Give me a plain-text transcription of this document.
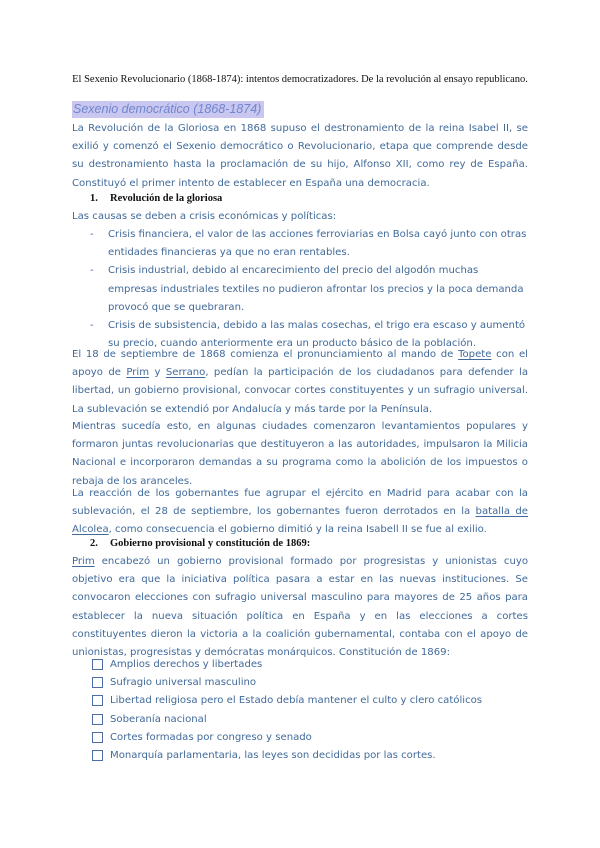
El Sexenio Revolucionario (1868-1874): intentos democratizadores. De la revolución al ensayo republicano.
Sexenio democrático (1868-1874)
La Revolución de la Gloriosa en 1868 supuso el destronamiento de la reina Isabel II, se exilió y comenzó el Sexenio democrático o Revolucionario, etapa que comprende desde su destronamiento hasta la proclamación de su hijo, Alfonso XII, como rey de España. Constituyó el primer intento de establecer en España una democracia.
1. Revolución de la gloriosa
Las causas se deben a crisis económicas y políticas:
- Crisis financiera, el valor de las acciones ferroviarias en Bolsa cayó junto con otras entidades financieras ya que no eran rentables.
- Crisis industrial, debido al encarecimiento del precio del algodón muchas empresas industriales textiles no pudieron afrontar los precios y la poca demanda provocó que se quebraran.
- Crisis de subsistencia, debido a las malas cosechas, el trigo era escaso y aumentó su precio, cuando anteriormente era un producto básico de la población.
El 18 de septiembre de 1868 comienza el pronunciamiento al mando de Topete con el apoyo de Prim y Serrano, pedían la participación de los ciudadanos para defender la libertad, un gobierno provisional, convocar cortes constituyentes y un sufragio universal. La sublevación se extendió por Andalucía y más tarde por la Península.
Mientras sucedía esto, en algunas ciudades comenzaron levantamientos populares y formaron juntas revolucionarias que destituyeron a las autoridades, impulsaron la Milicia Nacional e incorporaron demandas a su programa como la abolición de los impuestos o rebaja de los aranceles.
La reacción de los gobernantes fue agrupar el ejército en Madrid para acabar con la sublevación, el 28 de septiembre, los gobernantes fueron derrotados en la batalla de Alcolea, como consecuencia el gobierno dimitió y la reina Isabell II se fue al exilio.
2. Gobierno provisional y constitución de 1869:
Prim encabezó un gobierno provisional formado por progresistas y unionistas cuyo objetivo era que la iniciativa política pasara a estar en las nuevas instituciones. Se convocaron elecciones con sufragio universal masculino para mayores de 25 años para establecer la nueva situación política en España y en las elecciones a cortes constituyentes dieron la victoria a la coalición gubernamental, contaba con el apoyo de unionistas, progresistas y demócratas monárquicos. Constitución de 1869:
Amplios derechos y libertades
Sufragio universal masculino
Libertad religiosa pero el Estado debía mantener el culto y clero católicos
Soberanía nacional
Cortes formadas por congreso y senado
Monarquía parlamentaria, las leyes son decididas por las cortes.
